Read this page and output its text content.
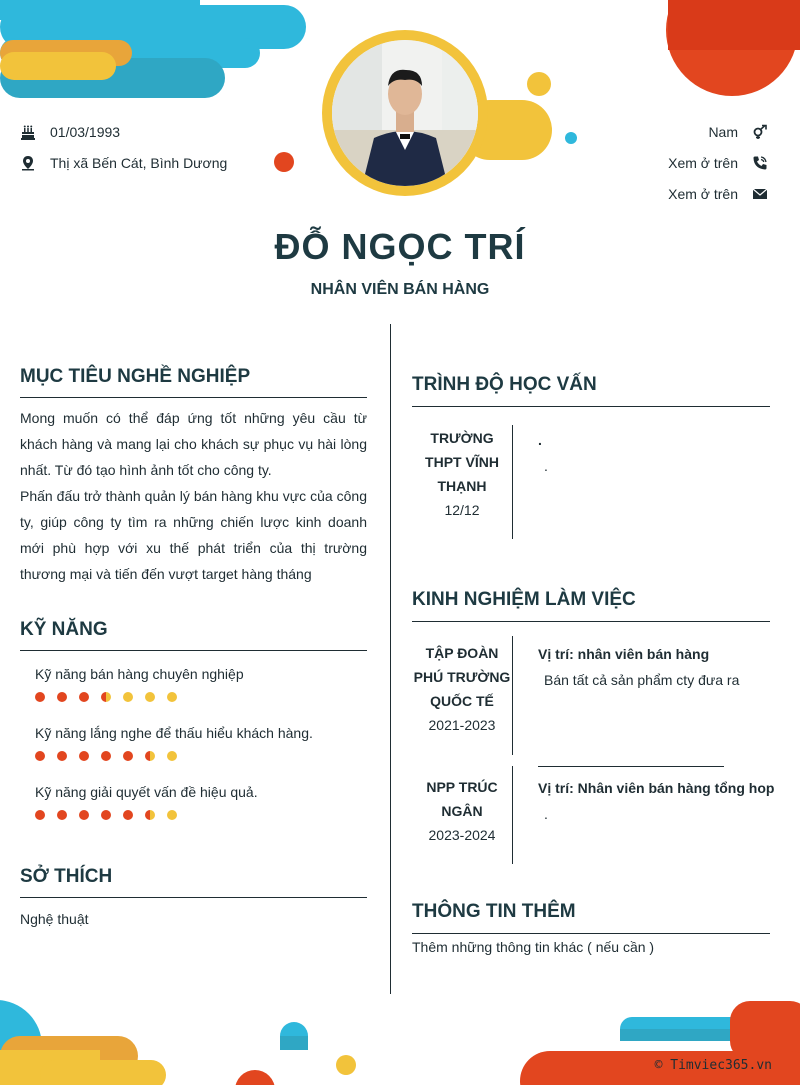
01/03/1993
Thị xã Bến Cát, Bình Dương
Nam
Xem ở trên
Xem ở trên
ĐỖ NGỌC TRÍ
NHÂN VIÊN BÁN HÀNG
MỤC TIÊU NGHỀ NGHIỆP
Mong muốn có thể đáp ứng tốt những yêu cầu từ khách hàng và mang lại cho khách sự phục vụ hài lòng nhất. Từ đó tạo hình ảnh tốt cho công ty.
Phấn đấu trở thành quản lý bán hàng khu vực của công ty, giúp công ty tìm ra những chiến lược kinh doanh mới phù hợp với xu thế phát triển của thị trường thương mại và tiến đến vượt target hàng tháng
KỸ NĂNG
Kỹ năng bán hàng chuyên nghiệp
Kỹ năng lắng nghe để thấu hiểu khách hàng.
Kỹ năng giải quyết vấn đề hiệu quả.
SỞ THÍCH
Nghệ thuật
TRÌNH ĐỘ HỌC VẤN
TRƯỜNG
THPT VĨNH
THẠNH
12/12
.
.
KINH NGHIỆM LÀM VIỆC
TẬP ĐOÀN
PHÚ TRƯỜNG
QUỐC TẾ
2021-2023
Vị trí: nhân viên bán hàng
Bán tất cả sản phẩm cty đưa ra
NPP TRÚC
NGÂN
2023-2024
Vị trí: Nhân viên bán hàng tổng hop
.
THÔNG TIN THÊM
Thêm những thông tin khác ( nếu cần )
© Timviec365.vn
